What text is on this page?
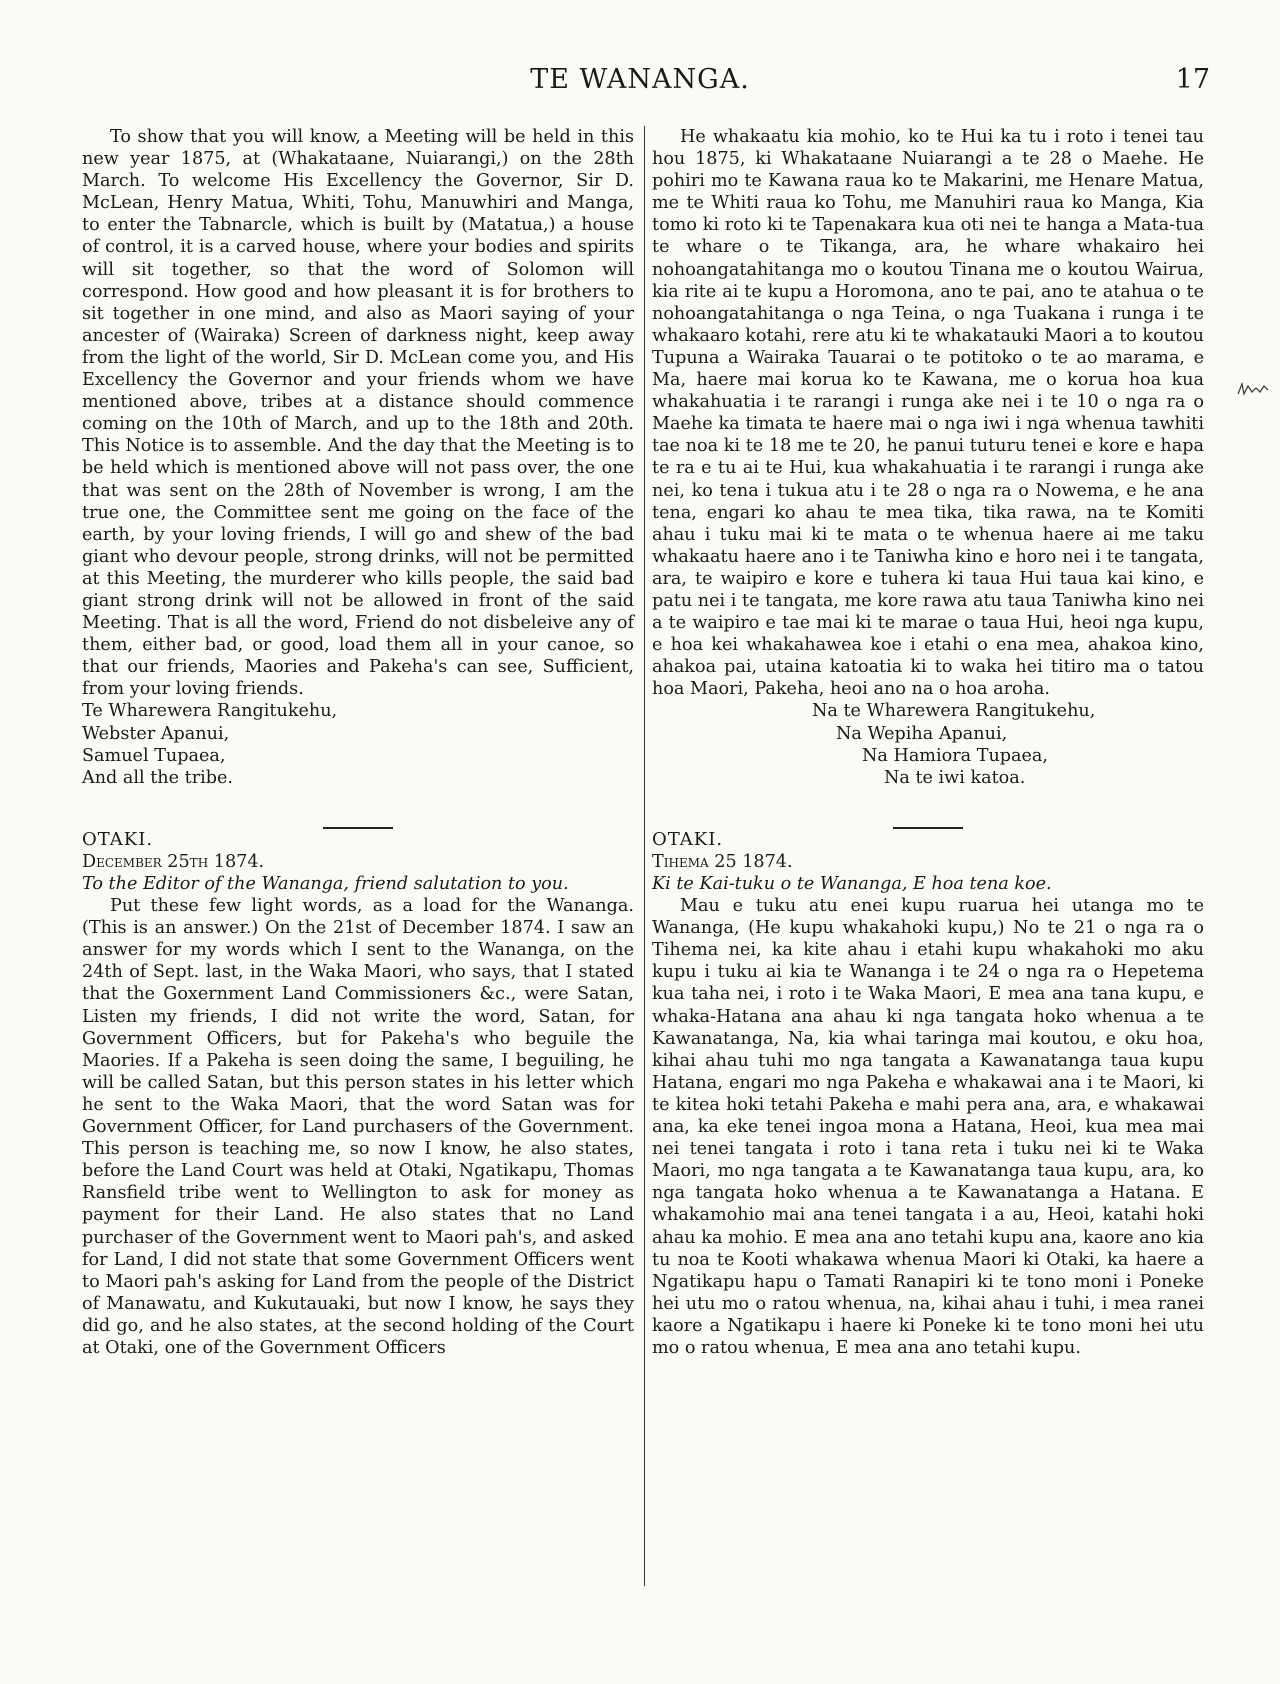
TE WANANGA.	17

To show that you will know, a Meeting will be held in this new year 1875, at (Whakataane, Nuiarangi,) on the 28th March. To welcome His Excellency the Governor, Sir D. McLean, Henry Matua, Whiti, Tohu, Manuwhiri and Manga, to enter the Tabnarcle, which is built by (Matatua,) a house of control, it is a carved house, where your bodies and spirits will sit together, so that the word of Solomon will correspond. How good and how pleasant it is for brothers to sit together in one mind, and also as Maori saying of your ancester of (Wairaka) Screen of darkness night, keep away from the light of the world, Sir D. McLean come you, and His Excellency the Governor and your friends whom we have mentioned above, tribes at a distance should commence coming on the 10th of March, and up to the 18th and 20th. This Notice is to assemble. And the day that the Meeting is to be held which is mentioned above will not pass over, the one that was sent on the 28th of November is wrong, I am the true one, the Committee sent me going on the face of the earth, by your loving friends, I will go and shew of the bad giant who devour people, strong drinks, will not be permitted at this Meeting, the murderer who kills people, the said bad giant strong drink will not be allowed in front of the said Meeting. That is all the word, Friend do not disbeleive any of them, either bad, or good, load them all in your canoe, so that our friends, Maories and Pakeha's can see, Sufficient, from your loving friends.

Te Wharewera Rangitukehu,

Webster Apanui,

Samuel Tupaea,

And all the tribe.

OTAKI.

December 25th 1874.

To the Editor of the Wananga, friend salutation to you.

Put these few light words, as a load for the Wananga. (This is an answer.) On the 21st of December 1874. I saw an answer for my words which I sent to the Wananga, on the 24th of Sept. last, in the Waka Maori, who says, that I stated that the Goxernment Land Commissioners &c., were Satan, Listen my friends, I did not write the word, Satan, for Government Officers, but for Pakeha's who beguile the Maories. If a Pakeha is seen doing the same, I beguiling, he will be called Satan, but this person states in his letter which he sent to the Waka Maori, that the word Satan was for Government Officer, for Land purchasers of the Government. This person is teaching me, so now I know, he also states, before the Land Court was held at Otaki, Ngatikapu, Thomas Ransfield tribe went to Wellington to ask for money as payment for their Land. He also states that no Land purchaser of the Government went to Maori pah's, and asked for Land, I did not state that some Government Officers went to Maori pah's asking for Land from the people of the District of Manawatu, and Kukutauaki, but now I know, he says they did go, and he also states, at the second holding of the Court at Otaki, one of the Government Officers

He whakaatu kia mohio, ko te Hui ka tu i roto i tenei tau hou 1875, ki Whakataane Nuiarangi a te 28 o Maehe. He pohiri mo te Kawana raua ko te Makarini, me Henare Matua, me te Whiti raua ko Tohu, me Manuhiri raua ko Manga, Kia tomo ki roto ki te Tapenakara kua oti nei te hanga a Mata-tua te whare o te Tikanga, ara, he whare whakairo hei nohoangatahitanga mo o koutou Tinana me o koutou Wairua, kia rite ai te kupu a Horomona, ano te pai, ano te atahua o te nohoangatahitanga o nga Teina, o nga Tuakana i runga i te whakaaro kotahi, rere atu ki te whakatauki Maori a to koutou Tupuna a Wairaka Tauarai o te potitoko o te ao marama, e Ma, haere mai korua ko te Kawana, me o korua hoa kua whakahuatia i te rarangi i runga ake nei i te 10 o nga ra o Maehe ka timata te haere mai o nga iwi i nga whenua tawhiti tae noa ki te 18 me te 20, he panui tuturu tenei e kore e hapa te ra e tu ai te Hui, kua whakahuatia i te rarangi i runga ake nei, ko tena i tukua atu i te 28 o nga ra o Nowema, e he ana tena, engari ko ahau te mea tika, tika rawa, na te Komiti ahau i tuku mai ki te mata o te whenua haere ai me taku whakaatu haere ano i te Taniwha kino e horo nei i te tangata, ara, te waipiro e kore e tuhera ki taua Hui taua kai kino, e patu nei i te tangata, me kore rawa atu taua Taniwha kino nei a te waipiro e tae mai ki te marae o taua Hui, heoi nga kupu, e hoa kei whakahawea koe i etahi o ena mea, ahakoa kino, ahakoa pai, utaina katoatia ki to waka hei titiro ma o tatou hoa Maori, Pakeha, heoi ano na o hoa aroha.

Na te Wharewera Rangitukehu,

Na Wepiha Apanui,

Na Hamiora Tupaea,

Na te iwi katoa.

OTAKI.

Tihema 25 1874.

Ki te Kai-tuku o te Wananga, E hoa tena koe.

Mau e tuku atu enei kupu ruarua hei utanga mo te Wananga, (He kupu whakahoki kupu,) No te 21 o nga ra o Tihema nei, ka kite ahau i etahi kupu whakahoki mo aku kupu i tuku ai kia te Wananga i te 24 o nga ra o Hepetema kua taha nei, i roto i te Waka Maori, E mea ana tana kupu, e whaka-Hatana ana ahau ki nga tangata hoko whenua a te Kawanatanga, Na, kia whai taringa mai koutou, e oku hoa, kihai ahau tuhi mo nga tangata a Kawanatanga taua kupu Hatana, engari mo nga Pakeha e whakawai ana i te Maori, ki te kitea hoki tetahi Pakeha e mahi pera ana, ara, e whakawai ana, ka eke tenei ingoa mona a Hatana, Heoi, kua mea mai nei tenei tangata i roto i tana reta i tuku nei ki te Waka Maori, mo nga tangata a te Kawanatanga taua kupu, ara, ko nga tangata hoko whenua a te Kawanatanga a Hatana. E whakamohio mai ana tenei tangata i a au, Heoi, katahi hoki ahau ka mohio. E mea ana ano tetahi kupu ana, kaore ano kia tu noa te Kooti whakawa whenua Maori ki Otaki, ka haere a Ngatikapu hapu o Tamati Ranapiri ki te tono moni i Poneke hei utu mo o ratou whenua, na, kihai ahau i tuhi, i mea ranei kaore a Ngatikapu i haere ki Poneke ki te tono moni hei utu mo o ratou whenua, E mea ana ano tetahi kupu.
